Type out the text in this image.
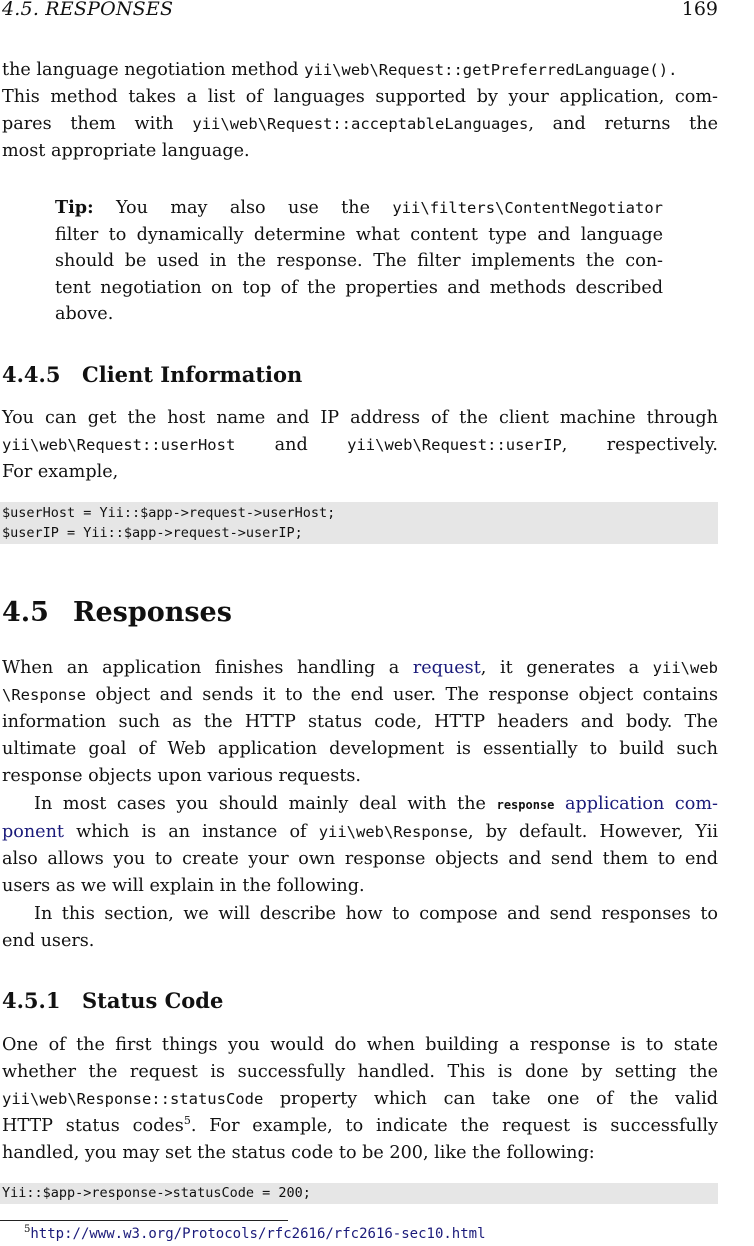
4.5. RESPONSES	169
the language negotiation method yii\web\Request::getPreferredLanguage().
This method takes a list of languages supported by your application, com-
pares them with yii\web\Request::acceptableLanguages, and returns the
most appropriate language.
Tip: You may also use the yii\filters\ContentNegotiator
filter to dynamically determine what content type and language
should be used in the response. The filter implements the con-
tent negotiation on top of the properties and methods described
above.
4.4.5 Client Information
You can get the host name and IP address of the client machine through
yii\web\Request::userHost and yii\web\Request::userIP, respectively.
For example,
$userHost = Yii::$app->request->userHost;
$userIP = Yii::$app->request->userIP;
4.5 Responses
When an application finishes handling a request, it generates a yii\web
\Response object and sends it to the end user. The response object contains
information such as the HTTP status code, HTTP headers and body. The
ultimate goal of Web application development is essentially to build such
response objects upon various requests.
In most cases you should mainly deal with the response application com-
ponent which is an instance of yii\web\Response, by default. However, Yii
also allows you to create your own response objects and send them to end
users as we will explain in the following.
In this section, we will describe how to compose and send responses to
end users.
4.5.1 Status Code
One of the first things you would do when building a response is to state
whether the request is successfully handled. This is done by setting the
yii\web\Response::statusCode property which can take one of the valid
HTTP status codes$^5$. For example, to indicate the request is successfully
handled, you may set the status code to be 200, like the following:
Yii::$app->response->statusCode = 200;
$^5$http://www.w3.org/Protocols/rfc2616/rfc2616-sec10.html
